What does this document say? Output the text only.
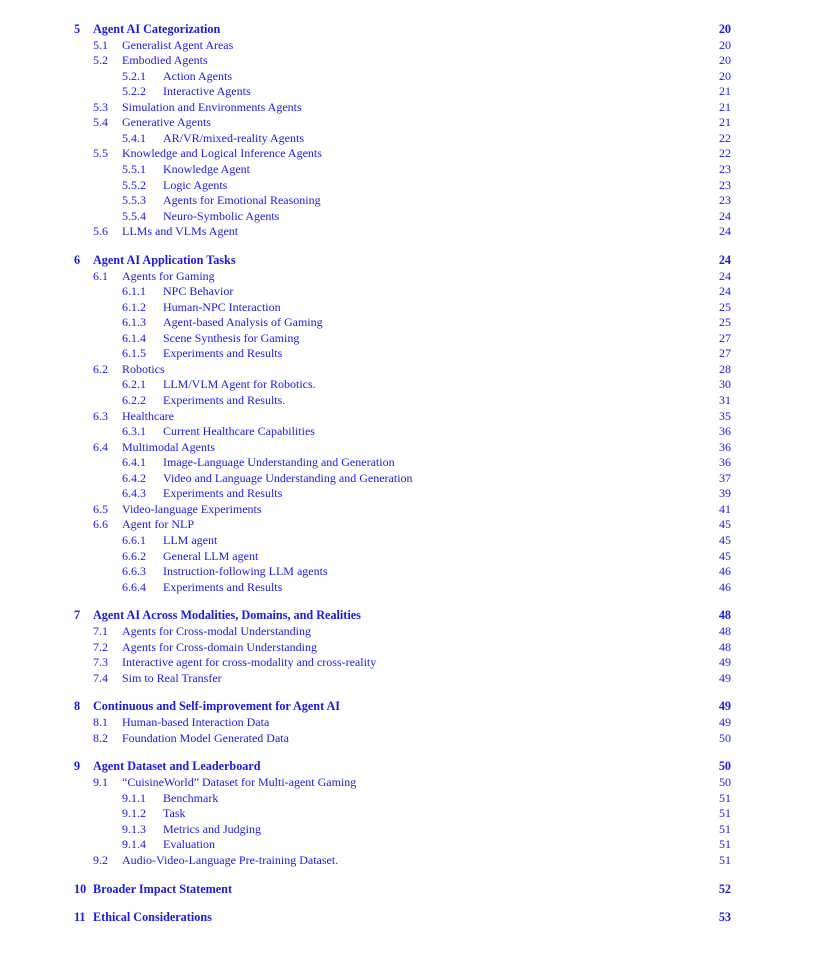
5 Agent AI Categorization	20
5.1 Generalist Agent Areas	20
5.2 Embodied Agents	20
5.2.1 Action Agents	20
5.2.2 Interactive Agents	21
5.3 Simulation and Environments Agents	21
5.4 Generative Agents	21
5.4.1 AR/VR/mixed-reality Agents	22
5.5 Knowledge and Logical Inference Agents	22
5.5.1 Knowledge Agent	23
5.5.2 Logic Agents	23
5.5.3 Agents for Emotional Reasoning	23
5.5.4 Neuro-Symbolic Agents	24
5.6 LLMs and VLMs Agent	24
6 Agent AI Application Tasks	24
6.1 Agents for Gaming	24
6.1.1 NPC Behavior	24
6.1.2 Human-NPC Interaction	25
6.1.3 Agent-based Analysis of Gaming	25
6.1.4 Scene Synthesis for Gaming	27
6.1.5 Experiments and Results	27
6.2 Robotics	28
6.2.1 LLM/VLM Agent for Robotics.	30
6.2.2 Experiments and Results.	31
6.3 Healthcare	35
6.3.1 Current Healthcare Capabilities	36
6.4 Multimodal Agents	36
6.4.1 Image-Language Understanding and Generation	36
6.4.2 Video and Language Understanding and Generation	37
6.4.3 Experiments and Results	39
6.5 Video-language Experiments	41
6.6 Agent for NLP	45
6.6.1 LLM agent	45
6.6.2 General LLM agent	45
6.6.3 Instruction-following LLM agents	46
6.6.4 Experiments and Results	46
7 Agent AI Across Modalities, Domains, and Realities	48
7.1 Agents for Cross-modal Understanding	48
7.2 Agents for Cross-domain Understanding	48
7.3 Interactive agent for cross-modality and cross-reality	49
7.4 Sim to Real Transfer	49
8 Continuous and Self-improvement for Agent AI	49
8.1 Human-based Interaction Data	49
8.2 Foundation Model Generated Data	50
9 Agent Dataset and Leaderboard	50
9.1 “CuisineWorld” Dataset for Multi-agent Gaming	50
9.1.1 Benchmark	51
9.1.2 Task	51
9.1.3 Metrics and Judging	51
9.1.4 Evaluation	51
9.2 Audio-Video-Language Pre-training Dataset.	51
10 Broader Impact Statement	52
11 Ethical Considerations	53
